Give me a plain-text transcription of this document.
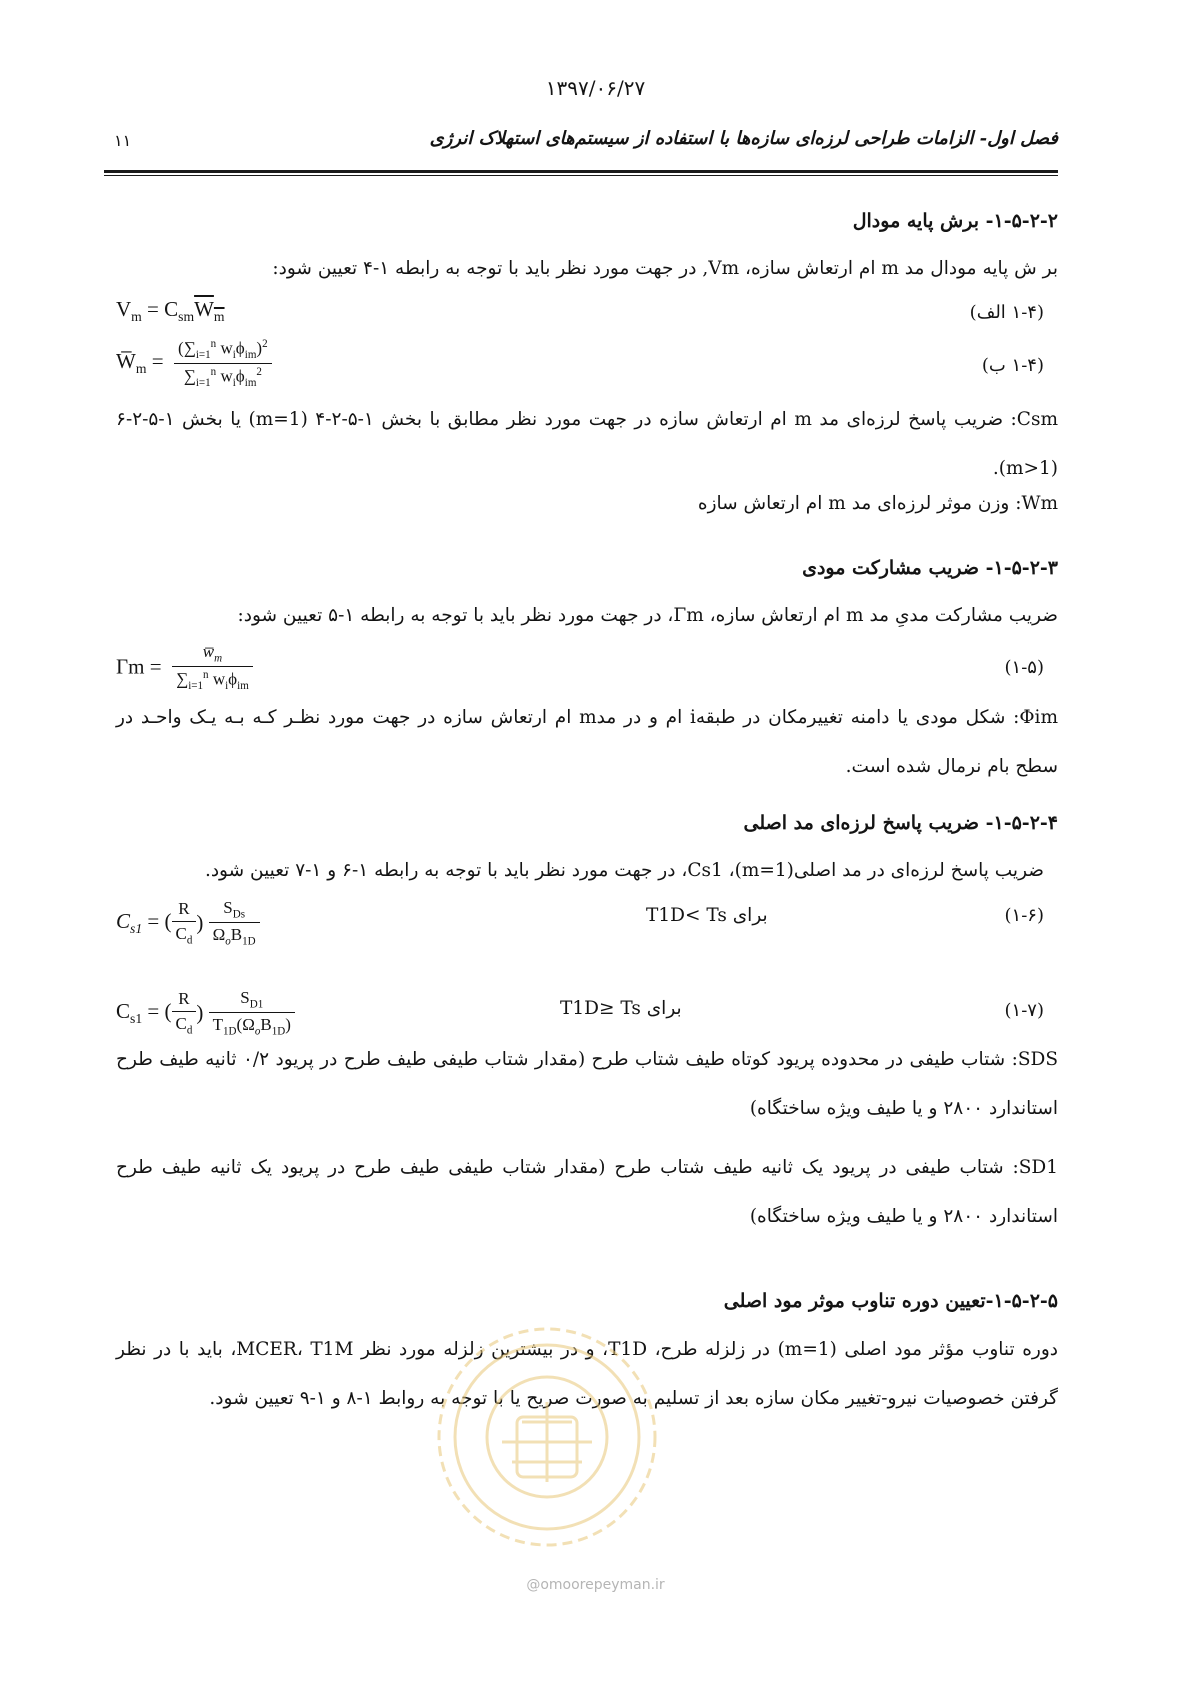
۱۳۹۷/۰۶/۲۷
۱۱	فصل اول- الزامات طراحی لرزه‌ای سازه‌ها با استفاده از سیستم‌های استهلاک انرژی
۱-۵-۲-۲- برش پایه مودال
بر ش پایه مودال مد m ام ارتعاش سازه، Vm, در جهت مورد نظر باید با توجه به رابطه ۱-۴ تعیین شود:
$V_m = C_{sm}W_m$	(۱-۴ الف)
$W̅_m = \frac{(\sum_{i=1}^n w_i\phi_{im})^2}{\sum_{i=1}^n w_i\phi_{im}^2}$	(۱-۴ ب)
Csm: ضریب پاسخ لرزه‌ای مد m ام ارتعاش سازه در جهت مورد نظر مطابق با بخش ۱-۵-۲-۴ (m=1) یا بخش ۱-۵-۲-۶ (m>1).
Wm: وزن موثر لرزه‌ای مد m ام ارتعاش سازه
۱-۵-۲-۳- ضریب مشارکت مودی
ضریب مشارکت مدیِ مد m ام ارتعاش سازه، Γm، در جهت مورد نظر باید با توجه به رابطه ۱-۵ تعیین شود:
$\Gamma m = \frac{w̅_m}{\sum_{i=1}^n w_i\phi_{im}}$	(۱-۵)
Φim: شکل مودی یا دامنه تغییرمکان در طبقهi ام و در مدm ام ارتعاش سازه در جهت مورد نظـر کـه بـه یـک واحـد در سطح بام نرمال شده است.
۱-۵-۲-۴- ضریب پاسخ لرزه‌ای مد اصلی
ضریب پاسخ لرزه‌ای در مد اصلی(m=1)، Cs1، در جهت مورد نظر باید با توجه به رابطه ۱-۶ و ۱-۷ تعیین شود.
$C_{s1}$ = ( $\frac{R}{C_d}$ ) $\frac{S_{Ds}}{\Omega_oB_{1D}}$	برای T1D< Ts	(۱-۶)
$C_{s1}$ = ( $\frac{R}{C_d}$ ) $\frac{S_{D1}}{T_{1D}(\Omega_oB_{1D})}$	برای T1D≥ Ts	(۱-۷)
SDS: شتاب طیفی در محدوده پریود کوتاه طیف شتاب طرح (مقدار شتاب طیفی طیف طرح در پریود ۰/۲ ثانیه طیف طرح استاندارد ۲۸۰۰ و یا طیف ویژه ساختگاه)
SD1: شتاب طیفی در پریود یک ثانیه طیف شتاب طرح (مقدار شتاب طیفی طیف طرح در پریود یک ثانیه طیف طرح استاندارد ۲۸۰۰ و یا طیف ویژه ساختگاه)
۱-۵-۲-۵-تعیین دوره تناوب موثر مود اصلی
دوره تناوب مؤثر مود اصلی (m=1) در زلزله طرح، T1D، و در بیشترین زلزله مورد نظر MCER، T1M، باید با در نظر گرفتن خصوصیات نیرو-تغییر مکان سازه بعد از تسلیم به صورت صریح یا با توجه به روابط ۱-۸ و ۱-۹ تعیین شود.
@omoorepeyman.ir
